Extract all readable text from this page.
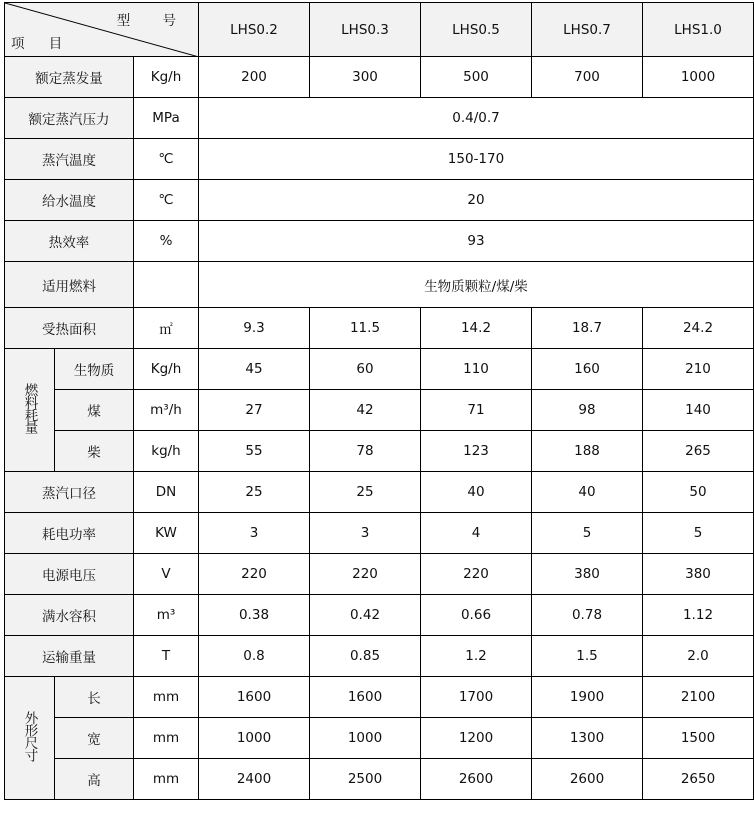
型 号
项 目			LHS0.2	LHS0.3	LHS0.5	LHS0.7	LHS1.0
额定蒸发量		Kg/h	200	300	500	700	1000
额定蒸汽压力		MPa	0.4/0.7				
蒸汽温度		℃	150-170				
给水温度		℃	20				
热效率		%	93				
适用燃料			生物质颗粒/煤/柴				
受热面积		㎡	9.3	11.5	14.2	18.7	24.2
燃料耗量	生物质	Kg/h	45	60	110	160	210
	煤	m³/h	27	42	71	98	140
	柴	kg/h	55	78	123	188	265
蒸汽口径		DN	25	25	40	40	50
耗电功率		KW	3	3	4	5	5
电源电压		V	220	220	220	380	380
满水容积		m³	0.38	0.42	0.66	0.78	1.12
运输重量		T	0.8	0.85	1.2	1.5	2.0
外形尺寸	长	mm	1600	1600	1700	1900	2100
	宽	mm	1000	1000	1200	1300	1500
	高	mm	2400	2500	2600	2600	2650
